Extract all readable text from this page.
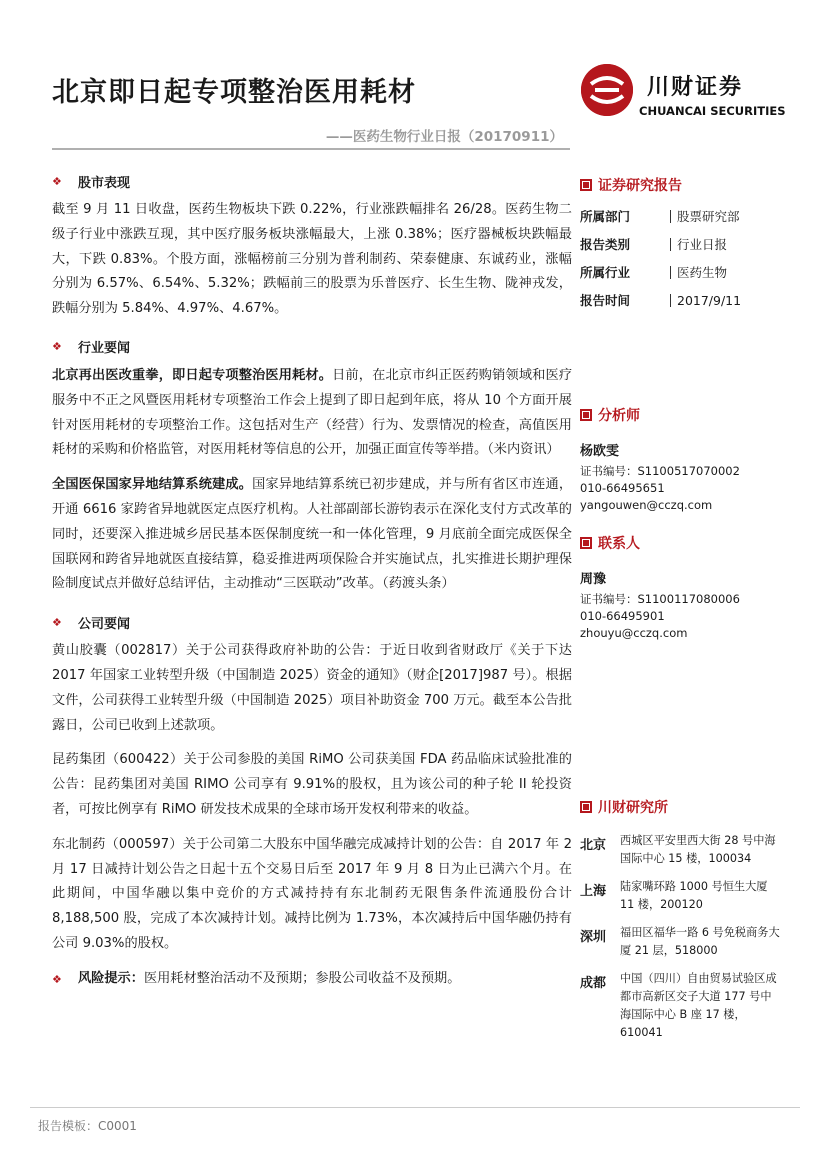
北京即日起专项整治医用耗材
——医药生物行业日报（20170911）
川财证券
CHUANCAI SECURITIES
❖	股市表现

截至 9 月 11 日收盘，医药生物板块下跌 0.22%，行业涨跌幅排名 26/28。医药生物二级子行业中涨跌互现，其中医疗服务板块涨幅最大，上涨 0.38%；医疗器械板块跌幅最大，下跌 0.83%。个股方面，涨幅榜前三分别为普利制药、荣泰健康、东诚药业，涨幅分别为 6.57%、6.54%、5.32%；跌幅前三的股票为乐普医疗、长生生物、陇神戎发，跌幅分别为 5.84%、4.97%、4.67%。

❖	行业要闻

北京再出医改重拳，即日起专项整治医用耗材。日前，在北京市纠正医药购销领域和医疗服务中不正之风暨医用耗材专项整治工作会上提到了即日起到年底，将从 10 个方面开展针对医用耗材的专项整治工作。这包括对生产（经营）行为、发票情况的检查，高值医用耗材的采购和价格监管，对医用耗材等信息的公开，加强正面宣传等举措。（米内资讯）

全国医保国家异地结算系统建成。国家异地结算系统已初步建成，并与所有省区市连通，开通 6616 家跨省异地就医定点医疗机构。人社部副部长游钧表示在深化支付方式改革的同时，还要深入推进城乡居民基本医保制度统一和一体化管理，9 月底前全面完成医保全国联网和跨省异地就医直接结算，稳妥推进两项保险合并实施试点，扎实推进长期护理保险制度试点并做好总结评估，主动推动“三医联动”改革。（药渡头条）

❖	公司要闻

黄山胶囊（002817）关于公司获得政府补助的公告：于近日收到省财政厅《关于下达 2017 年国家工业转型升级（中国制造 2025）资金的通知》（财企[2017]987 号）。根据文件，公司获得工业转型升级（中国制造 2025）项目补助资金 700 万元。截至本公告批露日，公司已收到上述款项。

昆药集团（600422）关于公司参股的美国 RiMO 公司获美国 FDA 药品临床试验批准的公告：昆药集团对美国 RIMO 公司享有 9.91%的股权，且为该公司的种子轮 II 轮投资者，可按比例享有 RiMO 研发技术成果的全球市场开发权利带来的收益。

东北制药（000597）关于公司第二大股东中国华融完成减持计划的公告：自 2017 年 2 月 17 日减持计划公告之日起十五个交易日后至 2017 年 9 月 8 日为止已满六个月。在此期间，中国华融以集中竞价的方式减持持有东北制药无限售条件流通股份合计 8,188,500 股，完成了本次减持计划。减持比例为 1.73%，本次减持后中国华融仍持有公司 9.03%的股权。

❖	风险提示：医用耗材整治活动不及预期；参股公司收益不及预期。
证券研究报告
所属部门	股票研究部
报告类别	行业日报
所属行业	医药生物
报告时间	2017/9/11
分析师
杨欧雯
证书编号：S1100517070002
010-66495651
yangouwen@cczq.com
联系人
周豫
证书编号：S1100117080006
010-66495901
zhouyu@cczq.com
川财研究所
北京	西城区平安里西大街 28 号中海国际中心 15 楼，100034
上海	陆家嘴环路 1000 号恒生大厦 11 楼，200120
深圳	福田区福华一路 6 号免税商务大厦 21 层，518000
成都	中国（四川）自由贸易试验区成都市高新区交子大道 177 号中海国际中心 B 座 17 楼，610041
报告模板：C0001
